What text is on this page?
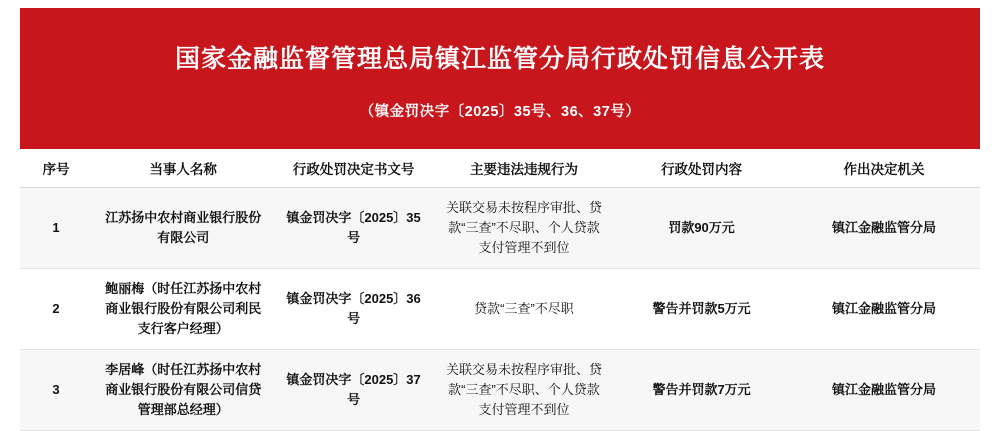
国家金融监督管理总局镇江监管分局行政处罚信息公开表
（镇金罚决字〔2025〕35号、36、37号）
序号	当事人名称	行政处罚决定书文号	主要违法违规行为	行政处罚内容	作出决定机关
1	江苏扬中农村商业银行股份有限公司	镇金罚决字〔2025〕35号	关联交易未按程序审批、贷款“三查”不尽职、个人贷款支付管理不到位	罚款90万元	镇江金融监管分局
2	鲍丽梅（时任江苏扬中农村商业银行股份有限公司利民支行客户经理）	镇金罚决字〔2025〕36号	贷款“三查”不尽职	警告并罚款5万元	镇江金融监管分局
3	李居峰（时任江苏扬中农村商业银行股份有限公司信贷管理部总经理）	镇金罚决字〔2025〕37号	关联交易未按程序审批、贷款“三查”不尽职、个人贷款支付管理不到位	警告并罚款7万元	镇江金融监管分局
